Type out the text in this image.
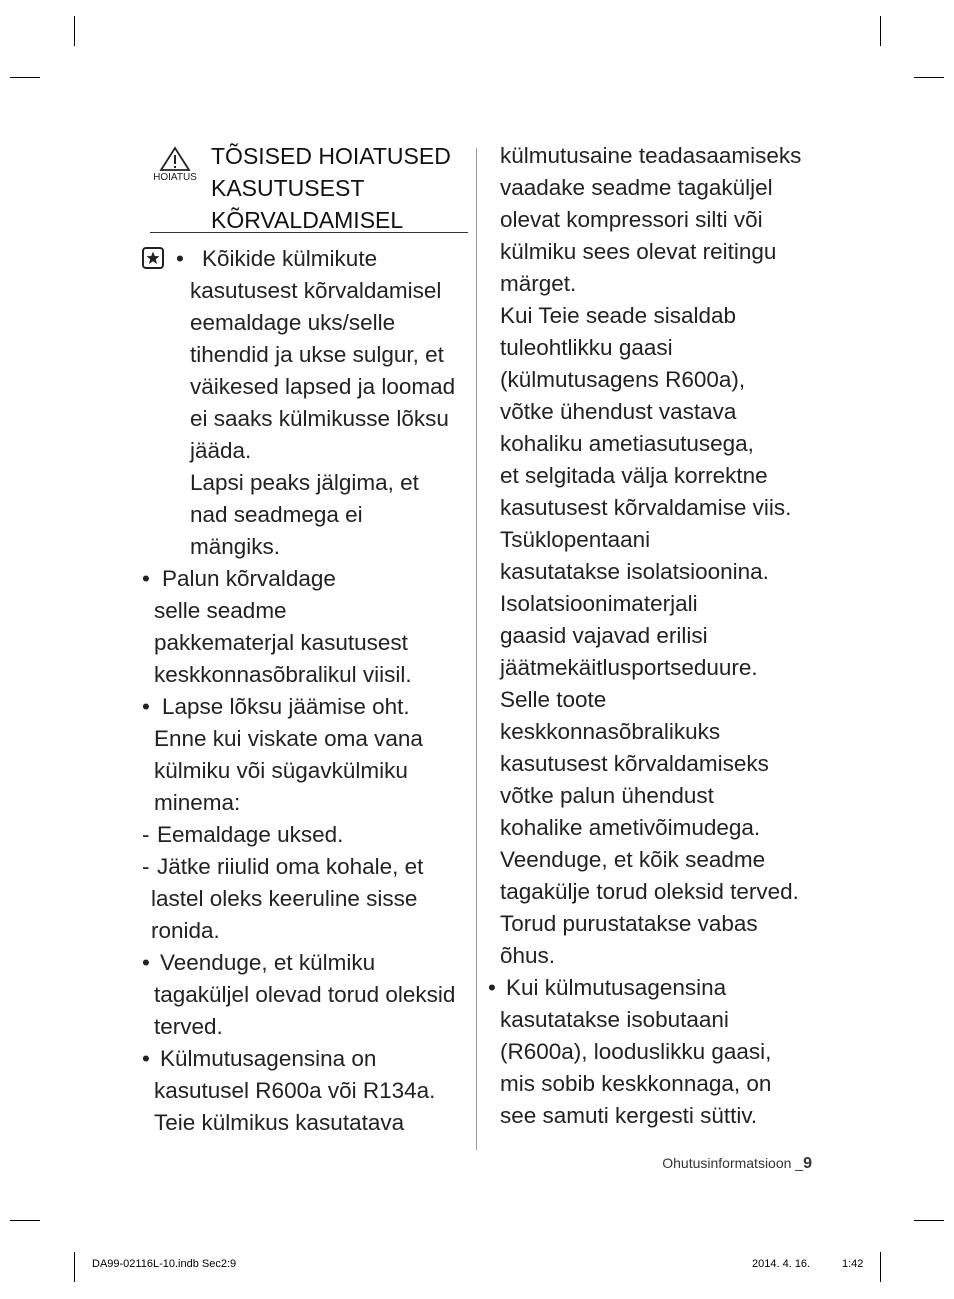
HOIATUS
TÕSISED HOIATUSED
KASUTUSEST
KÕRVALDAMISEL
• Kõikide külmikute
kasutusest kõrvaldamisel
eemaldage uks/selle
tihendid ja ukse sulgur, et
väikesed lapsed ja loomad
ei saaks külmikusse lõksu
jääda.
Lapsi peaks jälgima, et
nad seadmega ei
mängiks.
• Palun kõrvaldage
selle seadme
pakkematerjal kasutusest
keskkonnasõbralikul viisil.
• Lapse lõksu jäämise oht.
Enne kui viskate oma vana
külmiku või sügavkülmiku
minema:
- Eemaldage uksed.
- Jätke riiulid oma kohale, et
lastel oleks keeruline sisse
ronida.
• Veenduge, et külmiku
tagaküljel olevad torud oleksid
terved.
• Külmutusagensina on
kasutusel R600a või R134a.
Teie külmikus kasutatava
külmutusaine teadasaamiseks
vaadake seadme tagaküljel
olevat kompressori silti või
külmiku sees olevat reitingu
märget.
Kui Teie seade sisaldab
tuleohtlikku gaasi
(külmutusagens R600a),
võtke ühendust vastava
kohaliku ametiasutusega,
et selgitada välja korrektne
kasutusest kõrvaldamise viis.
Tsüklopentaani
kasutatakse isolatsioonina.
Isolatsioonimaterjali
gaasid vajavad erilisi
jäätmekäitlusportseduure.
Selle toote
keskkonnasõbralikuks
kasutusest kõrvaldamiseks
võtke palun ühendust
kohalike ametivõimudega.
Veenduge, et kõik seadme
tagakülje torud oleksid terved.
Torud purustatakse vabas
õhus.
• Kui külmutusagensina
kasutatakse isobutaani
(R600a), looduslikku gaasi,
mis sobib keskkonnaga, on
see samuti kergesti süttiv.
Ohutusinformatsioon _9
DA99-02116L-10.indb Sec2:9	2014. 4. 16.	1:42
